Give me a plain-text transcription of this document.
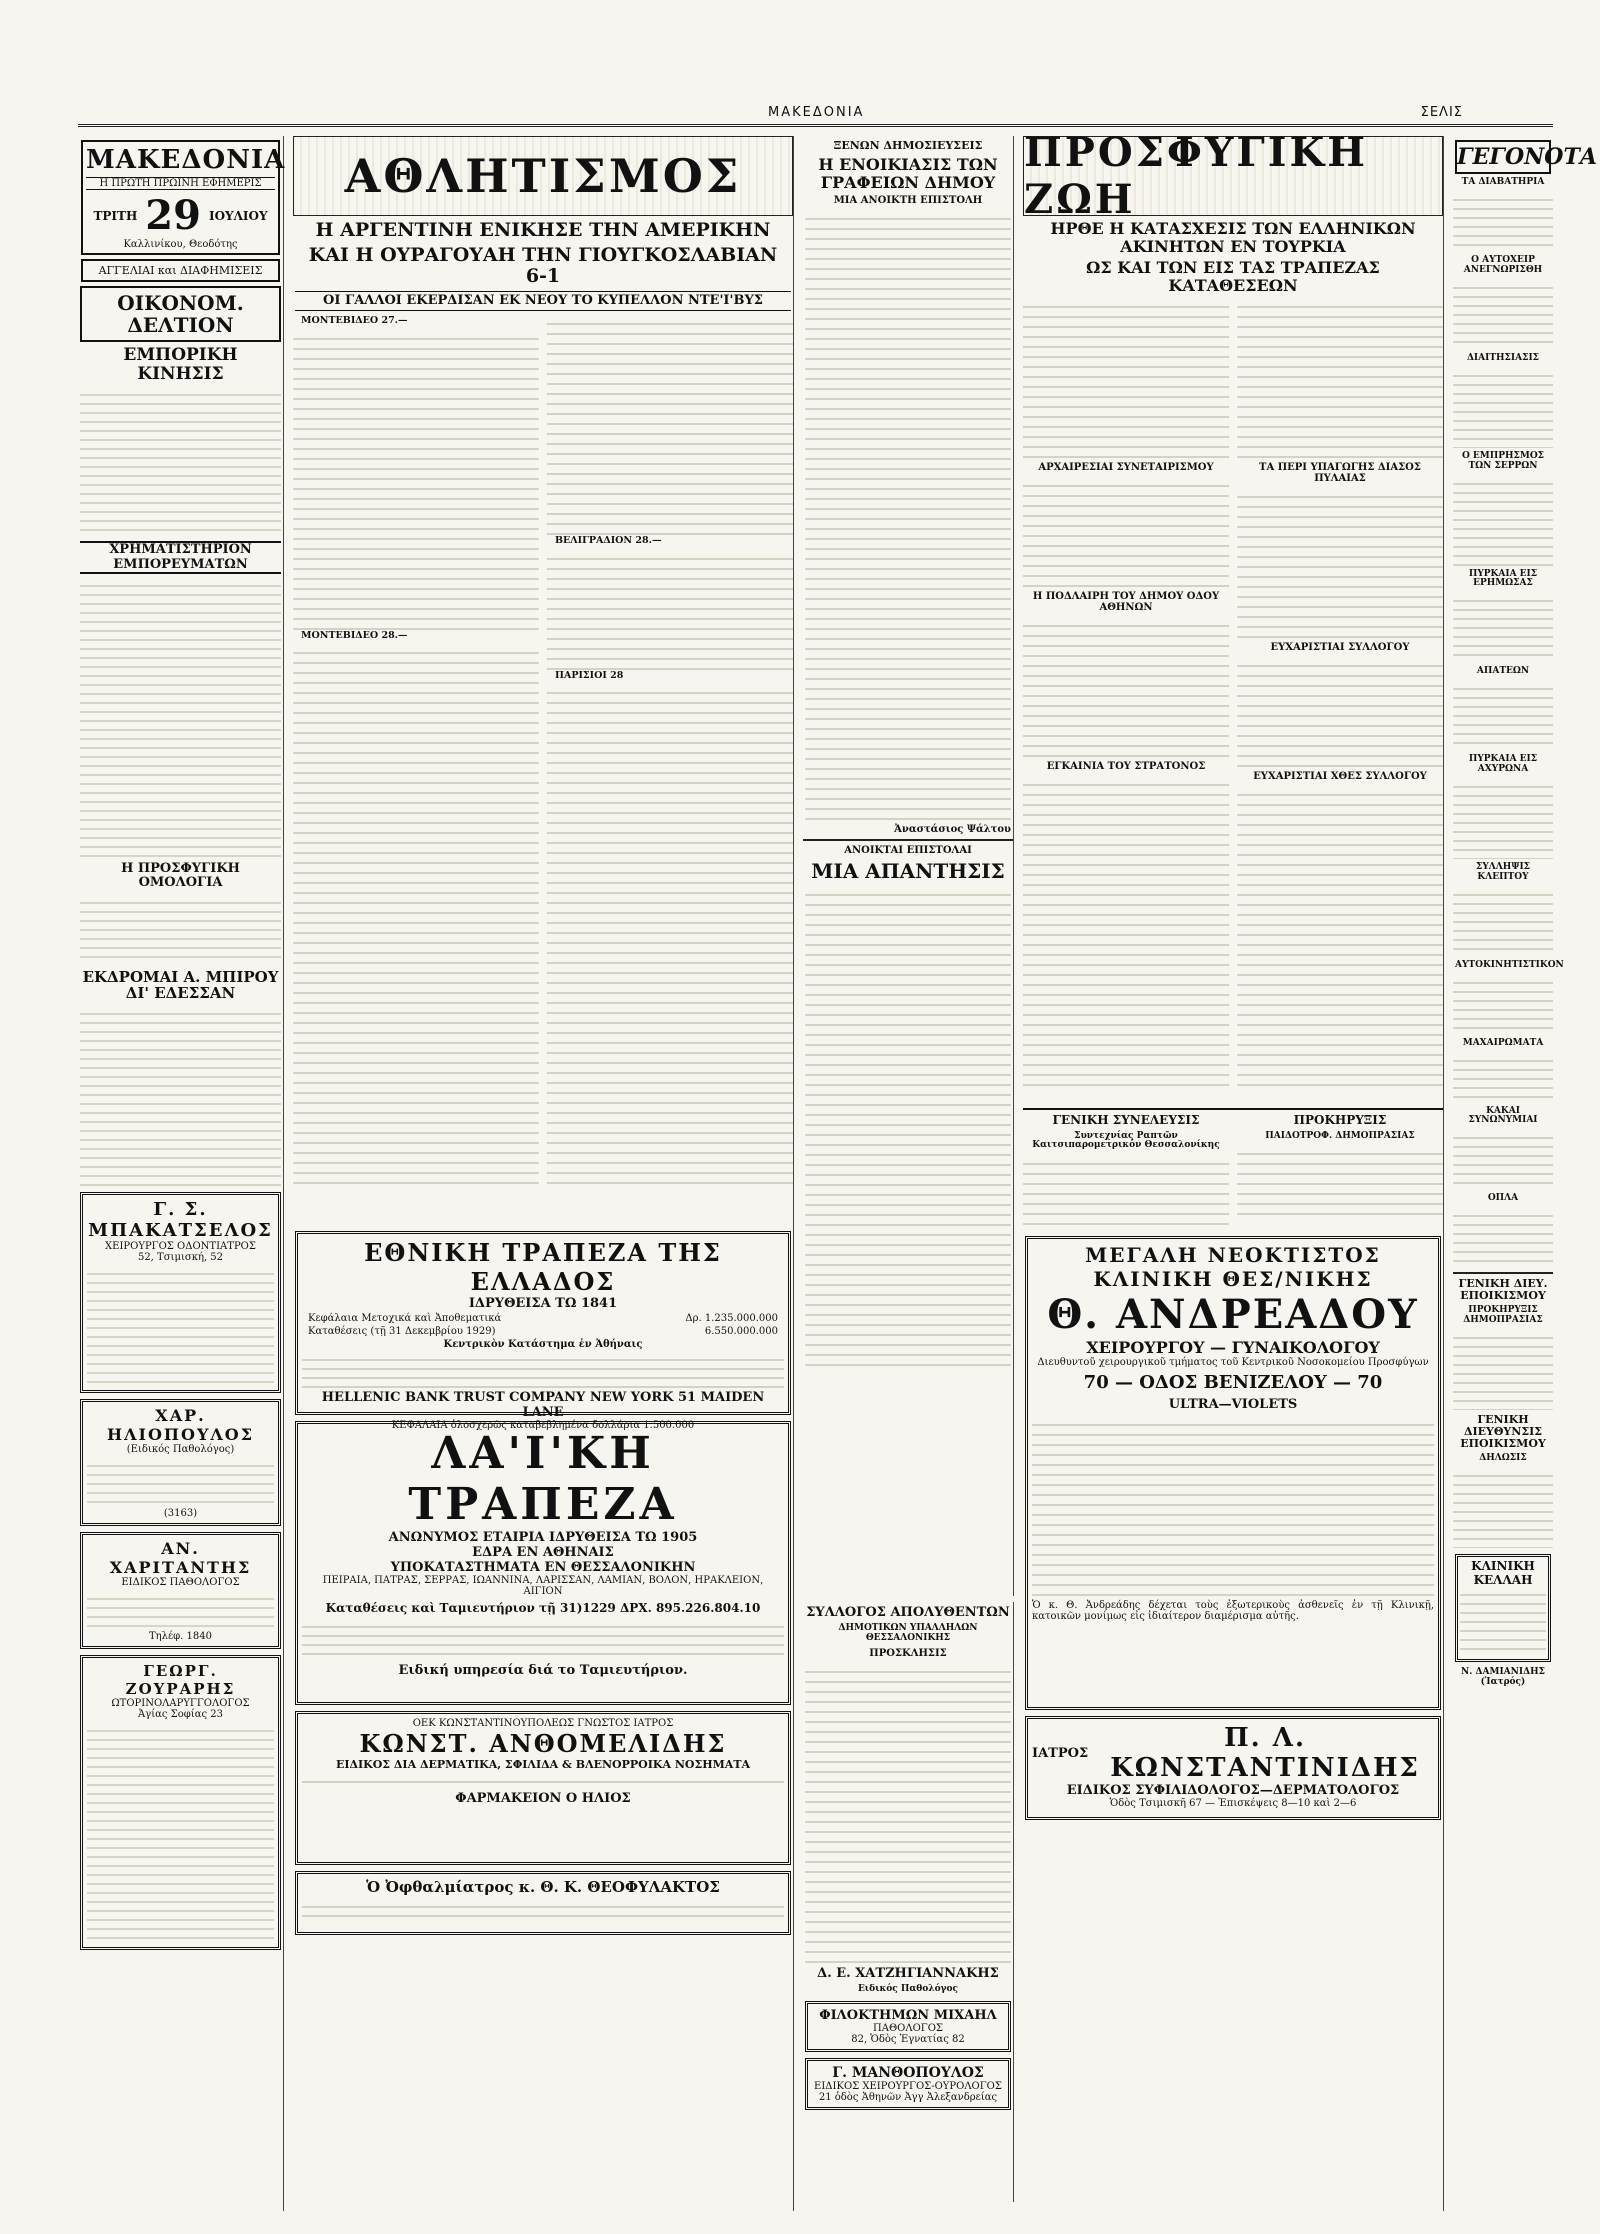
ΜΑΚΕΔΟΝΙΑ	ΣΕΛΙΣ
ΜΑΚΕΔΟΝΙΑ
Η ΠΡΩΤΗ ΠΡΩΙΝΗ ΕΦΗΜΕΡΙΣ
ΤΡΙΤΗ 29 ΙΟΥΛΙΟΥ
Καλλινίκου, Θεοδότης
ΑΓΓΕΛΙΑΙ και ΔΙΑΦΗΜΙΣΕΙΣ
ΟΙΚΟΝΟΜ. ΔΕΛΤΙΟΝ
ΕΜΠΟΡΙΚΗ ΚΙΝΗΣΙΣ
ΧΡΗΜΑΤΙΣΤΗΡΙΟΝ ΕΜΠΟΡΕΥΜΑΤΩΝ
Η ΠΡΟΣΦΥΓΙΚΗ ΟΜΟΛΟΓΙΑ
ΕΚΔΡΟΜΑΙ Α. ΜΠΙΡΟΥ ΔΙ' ΕΔΕΣΣΑΝ
Γ. Σ. ΜΠΑΚΑΤΣΕΛΟΣ
ΧΕΙΡΟΥΡΓΟΣ ΟΔΟΝΤΙΑΤΡΟΣ
52, Τσιμισκή, 52
ΧΑΡ. ΗΛΙΟΠΟΥΛΟΣ
(Ειδικός Παθολόγος)
(3163)
ΑΝ. ΧΑΡΙΤΑΝΤΗΣ
ΕΙΔΙΚΟΣ ΠΑΘΟΛΟΓΟΣ
Τηλέφ. 1840
ΓΕΩΡΓ. ΖΟΥΡΑΡΗΣ
ΩΤΟΡΙΝΟΛΑΡΥΓΓΟΛΟΓΟΣ
Ἀγίας Σοφίας 23
ΑΘΛΗΤΙΣΜΟΣ
Η ΑΡΓΕΝΤΙΝΗ ΕΝΙΚΗΣΕ ΤΗΝ ΑΜΕΡΙΚΗΝ
ΚΑΙ Η ΟΥΡΑΓΟΥΑΗ ΤΗΝ ΓΙΟΥΓΚΟΣΛΑΒΙΑΝ 6-1
ΟΙ ΓΑΛΛΟΙ ΕΚΕΡΔΙΣΑΝ ΕΚ ΝΕΟΥ ΤΟ ΚΥΠΕΛΛΟΝ ΝΤΕ'Ι'ΒΥΣ

ΜΟΝΤΕΒΙΔΕΟ 27.—

ΜΟΝΤΕΒΙΔΕΟ 28.—

ΒΕΛΙΓΡΑΔΙΟΝ 28.—

ΠΑΡΙΣΙΟΙ 28

ΕΘΝΙΚΗ ΤΡΑΠΕΖΑ ΤΗΣ ΕΛΛΑΔΟΣ
ΙΔΡΥΘΕΙΣΑ ΤΩ 1841
Κεφάλαια Μετοχικά καὶ Ἀποθεματικά	Δρ. 1.235.000.000
Καταθέσεις (τῇ 31 Δεκεμβρίου 1929)	6.550.000.000
Κεντρικὸν Κατάστημα ἐν Ἀθήναις
HELLENIC BANK TRUST COMPANY NEW YORK 51 MAIDEN LANE
ΚΕΦΑΛΑΙΑ ὁλοσχερῶς καταβεβλημένα δολλάρια 1.500.000
ΛΑ'Ι'ΚΗ ΤΡΑΠΕΖΑ
ΑΝΩΝΥΜΟΣ ΕΤΑΙΡΙΑ ΙΔΡΥΘΕΙΣΑ ΤΩ 1905
ΕΔΡΑ ΕΝ ΑΘΗΝΑΙΣ
ΥΠΟΚΑΤΑΣΤΗΜΑΤΑ ΕΝ ΘΕΣΣΑΛΟΝΙΚΗΝ
ΠΕΙΡΑΙΑ, ΠΑΤΡΑΣ, ΣΕΡΡΑΣ, ΙΩΑΝΝΙΝΑ, ΛΑΡΙΣΣΑΝ, ΛΑΜΙΑΝ, ΒΟΛΟΝ, ΗΡΑΚΛΕΙΟΝ, ΑΙΓΙΟΝ
Καταθέσεις καὶ Ταμιευτήριον τῇ 31)1229 ΔΡΧ. 895.226.804.10
Ειδική υπηρεσία διά το Ταμιευτήριον.
ΟΕΚ ΚΩΝΣΤΑΝΤΙΝΟΥΠΟΛΕΩΣ ΓΝΩΣΤΟΣ ΙΑΤΡΟΣ
ΚΩΝΣΤ. ΑΝΘΟΜΕΛΙΔΗΣ
ΕΙΔΙΚΟΣ ΔΙΑ ΔΕΡΜΑΤΙΚΑ, ΣΦΙΛΙΔΑ & ΒΛΕΝΟΡΡΟΙΚΑ ΝΟΣΗΜΑΤΑ
ΦΑΡΜΑΚΕΙΟΝ Ο ΗΛΙΟΣ
Ὁ Ὀφθαλμίατρος κ. Θ. Κ. ΘΕΟΦΥΛΑΚΤΟΣ
ΞΕΝΩΝ ΔΗΜΟΣΙΕΥΣΕΙΣ
Η ΕΝΟΙΚΙΑΣΙΣ ΤΩΝ ΓΡΑΦΕΙΩΝ ΔΗΜΟΥ
ΜΙΑ ΑΝΟΙΚΤΗ ΕΠΙΣΤΟΛΗ
Ἀναστάσιος Ψάλτου
ΑΝΟΙΚΤΑΙ ΕΠΙΣΤΟΛΑΙ
ΜΙΑ ΑΠΑΝΤΗΣΙΣ
ΣΥΛΛΟΓΟΣ ΑΠΟΛΥΘΕΝΤΩΝ
ΔΗΜΟΤΙΚΩΝ ΥΠΑΛΛΗΛΩΝ ΘΕΣΣΑΛΟΝΙΚΗΣ
ΠΡΟΣΚΛΗΣΙΣ
Δ. Ε. ΧΑΤΖΗΓΙΑΝΝΑΚΗΣ
Ειδικός Παθολόγος
ΦΙΛΟΚΤΗΜΩΝ ΜΙΧΑΗΛ
ΠΑΘΟΛΟΓΟΣ
82, Ὁδὸς Ἐγνατίας 82
Γ. ΜΑΝΘΟΠΟΥΛΟΣ
ΕΙΔΙΚΟΣ ΧΕΙΡΟΥΡΓΟΣ-ΟΥΡΟΛΟΓΟΣ
21 ὁδὸς Ἀθηνῶν Ἀγγ Ἀλεξανδρείας
ΠΡΟΣΦΥΓΙΚΗ ΖΩΗ
ΗΡΘΕ Η ΚΑΤΑΣΧΕΣΙΣ ΤΩΝ ΕΛΛΗΝΙΚΩΝ ΑΚΙΝΗΤΩΝ ΕΝ ΤΟΥΡΚΙΑ
ΩΣ ΚΑΙ ΤΩΝ ΕΙΣ ΤΑΣ ΤΡΑΠΕΖΑΣ ΚΑΤΑΘΕΣΕΩΝ
ΑΡΧΑΙΡΕΣΙΑΙ ΣΥΝΕΤΑΙΡΙΣΜΟΥ
Η ΠΟΔΛΑΙΡΗ ΤΟΥ ΔΗΜΟΥ ΟΔΟΥ ΑΘΗΝΩΝ
ΕΓΚΑΙΝΙΑ ΤΟΥ ΣΤΡΑΤΟΝΟΣ
ΤΑ ΠΕΡΙ ΥΠΑΓΩΓΗΣ ΔΙΑΣΟΣ ΠΥΛΑΙΑΣ
ΕΥΧΑΡΙΣΤΙΑΙ ΣΥΛΛΟΓΟΥ
ΕΥΧΑΡΙΣΤΙΑΙ ΧΘΕΣ ΣΥΛΛΟΓΟΥ
ΓΕΝΙΚΗ ΣΥΝΕΛΕΥΣΙΣ
Συντεχνίας Ραπτῶν Καιτσιπαρομετρικόν Θεσσαλονίκης
ΠΡΟΚΗΡΥΞΙΣ
ΠΑΙΔΟΤΡΟΦ. ΔΗΜΟΠΡΑΣΙΑΣ
ΜΕΓΑΛΗ ΝΕΟΚΤΙΣΤΟΣ ΚΛΙΝΙΚΗ ΘΕΣ/ΝΙΚΗΣ
Θ. ΑΝΔΡΕΑΔΟΥ
ΧΕΙΡΟΥΡΓΟΥ — ΓΥΝΑΙΚΟΛΟΓΟΥ
Διευθυντοῦ χειρουργικοῦ τμήματος τοῦ Κεντρικοῦ Νοσοκομείου Προσφύγων
70 — ΟΔΟΣ ΒΕΝΙΖΕΛΟΥ — 70
ULTRA—VIOLETS
Ὁ κ. Θ. Ἀνδρεάδης δέχεται τοὺς ἐξωτερικοὺς ἀσθενεῖς ἐν τῇ Κλινικῇ, κατοικῶν μονίμως εἰς ἰδιαίτερον διαμέρισμα αὐτῆς.
ΙΑΤΡΟΣ	Π. Λ. ΚΩΝΣΤΑΝΤΙΝΙΔΗΣ
ΕΙΔΙΚΟΣ ΣΥΦΙΛΙΔΟΛΟΓΟΣ—ΔΕΡΜΑΤΟΛΟΓΟΣ
Ὁδὸς Τσιμισκῆ 67 — Ἐπισκέψεις 8—10 καὶ 2—6
ΓΕΓΟΝΟΤΑ
ΤΑ ΔΙΑΒΑΤΗΡΙΑ
Ο ΑΥΤΟΧΕΙΡ ΑΝΕΓΝΩΡΙΣΘΗ
ΔΙΑΙΤΗΣΙΑΣΙΣ
Ο ΕΜΠΡΗΣΜΟΣ ΤΩΝ ΣΕΡΡΩΝ
ΠΥΡΚΑΙΑ ΕΙΣ ΕΡΗΜΩΣΑΣ
ΑΠΑΤΕΩΝ
ΠΥΡΚΑΙΑ ΕΙΣ ΑΧΥΡΩΝΑ
ΣΥΛΛΗΨΙΣ ΚΛΕΠΤΟΥ
ΑΥΤΟΚΙΝΗΤΙΣΤΙΚΟΝ
ΜΑΧΑΙΡΩΜΑΤΑ
ΚΑΚΑΙ ΣΥΝΩΝΥΜΙΑΙ
ΟΠΛΑ
ΓΕΝΙΚΗ ΔΙΕΥ. ΕΠΟΙΚΙΣΜΟΥ
ΠΡΟΚΗΡΥΞΙΣ ΔΗΜΟΠΡΑΣΙΑΣ
ΓΕΝΙΚΗ ΔΙΕΥΘΥΝΣΙΣ ΕΠΟΙΚΙΣΜΟΥ
ΔΗΛΩΣΙΣ
ΚΛΙΝΙΚΗ ΚΕΛΛΑΗ
Ν. ΔΑΜΙΑΝΙΔΗΣ (Ἰατρός)
